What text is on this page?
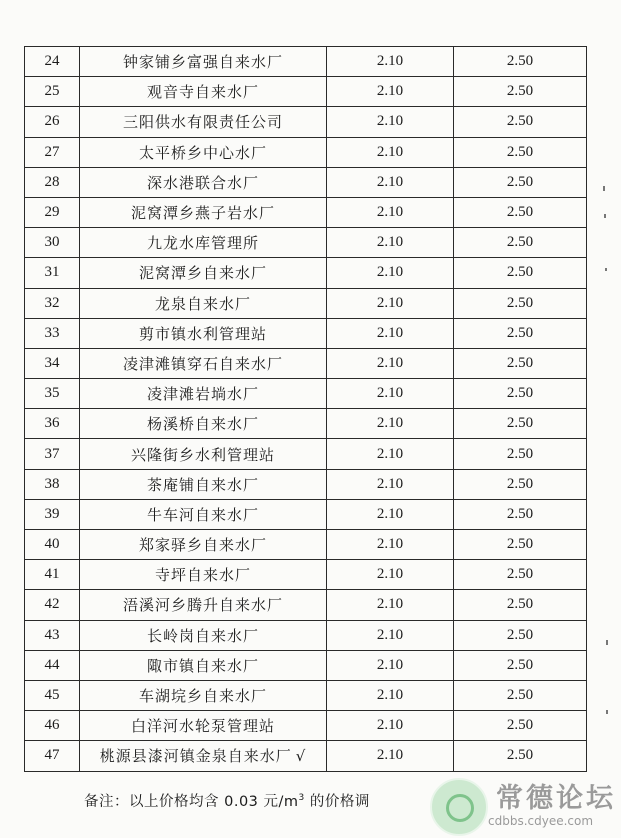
24	钟家铺乡富强自来水厂	2.10	2.50
25	观音寺自来水厂	2.10	2.50
26	三阳供水有限责任公司	2.10	2.50
27	太平桥乡中心水厂	2.10	2.50
28	深水港联合水厂	2.10	2.50
29	泥窝潭乡燕子岩水厂	2.10	2.50
30	九龙水库管理所	2.10	2.50
31	泥窝潭乡自来水厂	2.10	2.50
32	龙泉自来水厂	2.10	2.50
33	剪市镇水利管理站	2.10	2.50
34	凌津滩镇穿石自来水厂	2.10	2.50
35	凌津滩岩埫水厂	2.10	2.50
36	杨溪桥自来水厂	2.10	2.50
37	兴隆街乡水利管理站	2.10	2.50
38	茶庵铺自来水厂	2.10	2.50
39	牛车河自来水厂	2.10	2.50
40	郑家驿乡自来水厂	2.10	2.50
41	寺坪自来水厂	2.10	2.50
42	浯溪河乡腾升自来水厂	2.10	2.50
43	长岭岗自来水厂	2.10	2.50
44	陬市镇自来水厂	2.10	2.50
45	车湖垸乡自来水厂	2.10	2.50
46	白洋河水轮泵管理站	2.10	2.50
47	桃源县漆河镇金泉自来水厂 √	2.10	2.50
备注：以上价格均含 0.03 元$/m^3$ 的价格调	常德论坛
cdbbs.cdyee.com
